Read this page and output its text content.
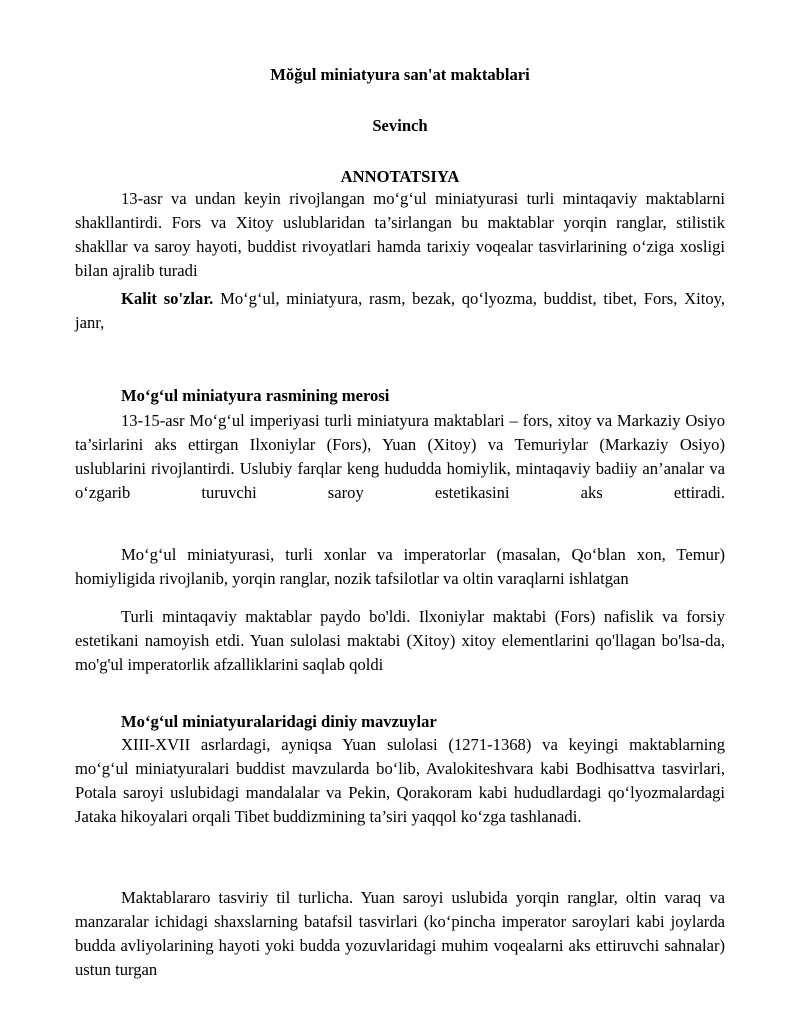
Mŏğul miniatyura san'at maktablari

Sevinch

ANNOTATSIYA

13-asr va undan keyin rivojlangan mo‘g‘ul miniatyurasi turli mintaqaviy maktablarni shakllantirdi. Fors va Xitoy uslublaridan ta’sirlangan bu maktablar yorqin ranglar, stilistik shakllar va saroy hayoti, buddist rivoyatlari hamda tarixiy voqealar tasvirlarining o‘ziga xosligi bilan ajralib turadi

Kalit so'zlar. Mo‘g‘ul, miniatyura, rasm, bezak, qo‘lyozma, buddist, tibet, Fors, Xitoy, janr,

Mo‘g‘ul miniatyura rasmining merosi

13-15-asr Mo‘g‘ul imperiyasi turli miniatyura maktablari – fors, xitoy va Markaziy Osiyo ta’sirlarini aks ettirgan Ilxoniylar (Fors), Yuan (Xitoy) va Temuriylar (Markaziy Osiyo) uslublarini rivojlantirdi. Uslubiy farqlar keng hududda homiylik, mintaqaviy badiiy an’analar va o‘zgarib turuvchi saroy estetikasini aks ettiradi.

Mo‘g‘ul miniatyurasi, turli xonlar va imperatorlar (masalan, Qo‘blan xon, Temur) homiyligida rivojlanib, yorqin ranglar, nozik tafsilotlar va oltin varaqlarni ishlatgan

Turli mintaqaviy maktablar paydo bo'ldi. Ilxoniylar maktabi (Fors) nafislik va forsiy estetikani namoyish etdi. Yuan sulolasi maktabi (Xitoy) xitoy elementlarini qo'llagan bo'lsa-da, mo'g'ul imperatorlik afzalliklarini saqlab qoldi

Mo‘g‘ul miniatyuralaridagi diniy mavzuylar

XIII-XVII asrlardagi, ayniqsa Yuan sulolasi (1271-1368) va keyingi maktablarning mo‘g‘ul miniatyuralari buddist mavzularda bo‘lib, Avalokiteshvara kabi Bodhisattva tasvirlari, Potala saroyi uslubidagi mandalalar va Pekin, Qorakoram kabi hududlardagi qo‘lyozmalardagi Jataka hikoyalari orqali Tibet buddizmining ta’siri yaqqol ko‘zga tashlanadi.

Maktablararo tasviriy til turlicha. Yuan saroyi uslubida yorqin ranglar, oltin varaq va manzaralar ichidagi shaxslarning batafsil tasvirlari (ko‘pincha imperator saroylari kabi joylarda budda avliyolarining hayoti yoki budda yozuvlaridagi muhim voqealarni aks ettiruvchi sahnalar) ustun turgan
